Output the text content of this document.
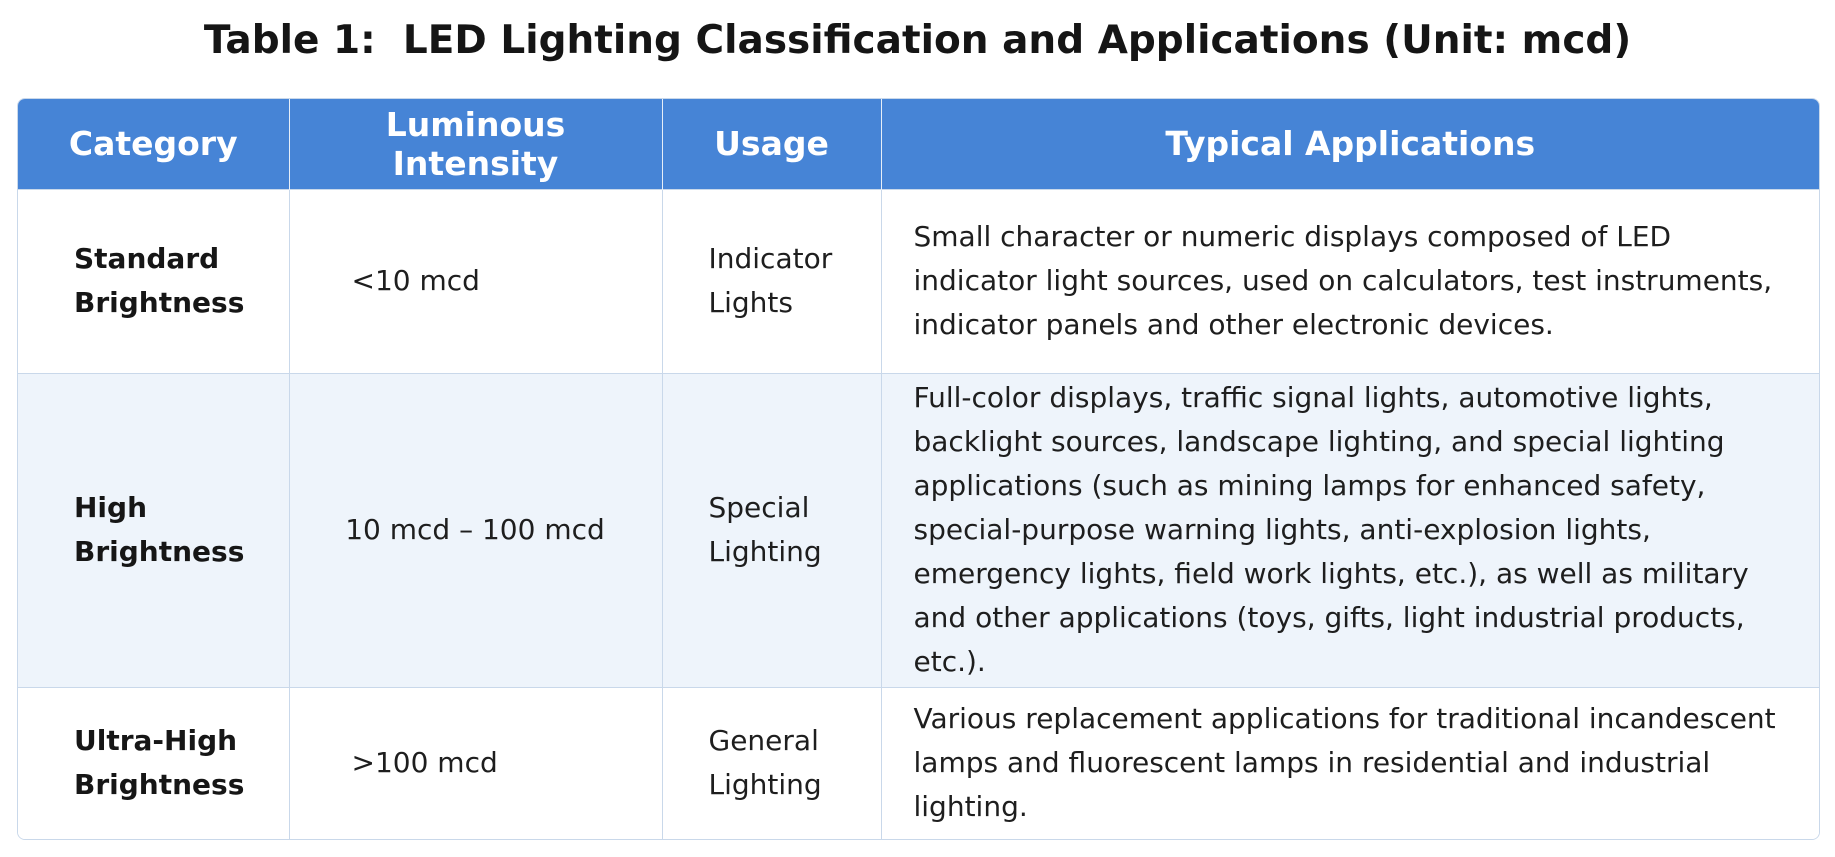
Table 1:  LED Lighting Classification and Applications (Unit: mcd)
Category	Luminous Intensity	Usage	Typical Applications
Standard Brightness	<10 mcd	Indicator Lights	Small character or numeric displays composed of LED indicator light sources, used on calculators, test instruments, indicator panels and other electronic devices.
High Brightness	10 mcd – 100 mcd	Special Lighting	Full-color displays, traffic signal lights, automotive lights, backlight sources, landscape lighting, and special lighting applications (such as mining lamps for enhanced safety, special-purpose warning lights, anti-explosion lights, emergency lights, field work lights, etc.), as well as military and other applications (toys, gifts, light industrial products, etc.).
Ultra-High Brightness	>100 mcd	General Lighting	Various replacement applications for traditional incandescent lamps and fluorescent lamps in residential and industrial lighting.
